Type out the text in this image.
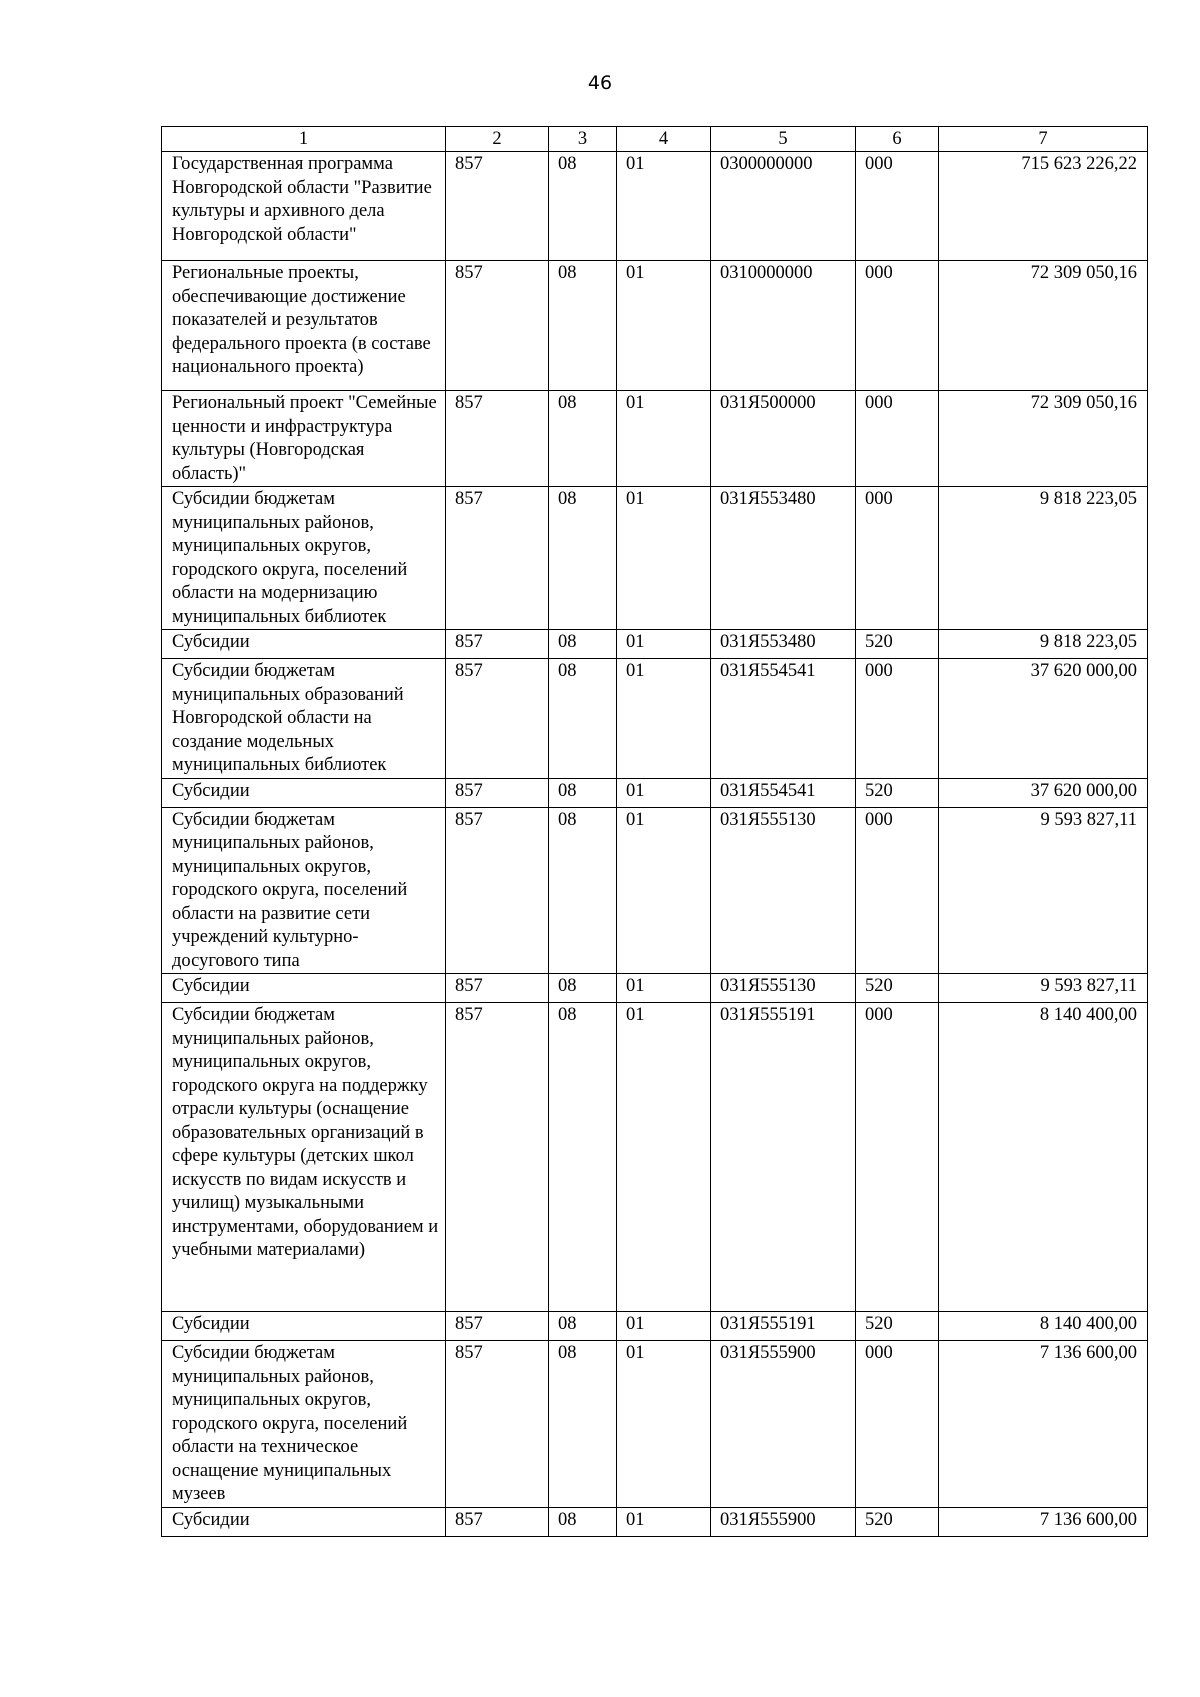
46
1	2	3	4	5	6	7
Государственная программа Новгородской области "Развитие культуры и архивного дела Новгородской области"	857	08	01	0300000000	000	715 623 226,22
Региональные проекты, обеспечивающие достижение показателей и результатов федерального проекта (в составе национального проекта)	857	08	01	0310000000	000	72 309 050,16
Региональный проект "Семейные ценности и инфраструктура культуры (Новгородская область)"	857	08	01	031Я500000	000	72 309 050,16
Субсидии бюджетам муниципальных районов, муниципальных округов, городского округа, поселений области на модернизацию муниципальных библиотек	857	08	01	031Я553480	000	9 818 223,05
Субсидии	857	08	01	031Я553480	520	9 818 223,05
Субсидии бюджетам муниципальных образований Новгородской области на создание модельных муниципальных библиотек	857	08	01	031Я554541	000	37 620 000,00
Субсидии	857	08	01	031Я554541	520	37 620 000,00
Субсидии бюджетам муниципальных районов, муниципальных округов, городского округа, поселений области на развитие сети учреждений культурно-досугового типа	857	08	01	031Я555130	000	9 593 827,11
Субсидии	857	08	01	031Я555130	520	9 593 827,11
Субсидии бюджетам муниципальных районов, муниципальных округов, городского округа на поддержку отрасли культуры (оснащение образовательных организаций в сфере культуры (детских школ искусств по видам искусств и училищ) музыкальными инструментами, оборудованием и учебными материалами)	857	08	01	031Я555191	000	8 140 400,00
Субсидии	857	08	01	031Я555191	520	8 140 400,00
Субсидии бюджетам муниципальных районов, муниципальных округов, городского округа, поселений области на техническое оснащение муниципальных музеев	857	08	01	031Я555900	000	7 136 600,00
Субсидии	857	08	01	031Я555900	520	7 136 600,00
